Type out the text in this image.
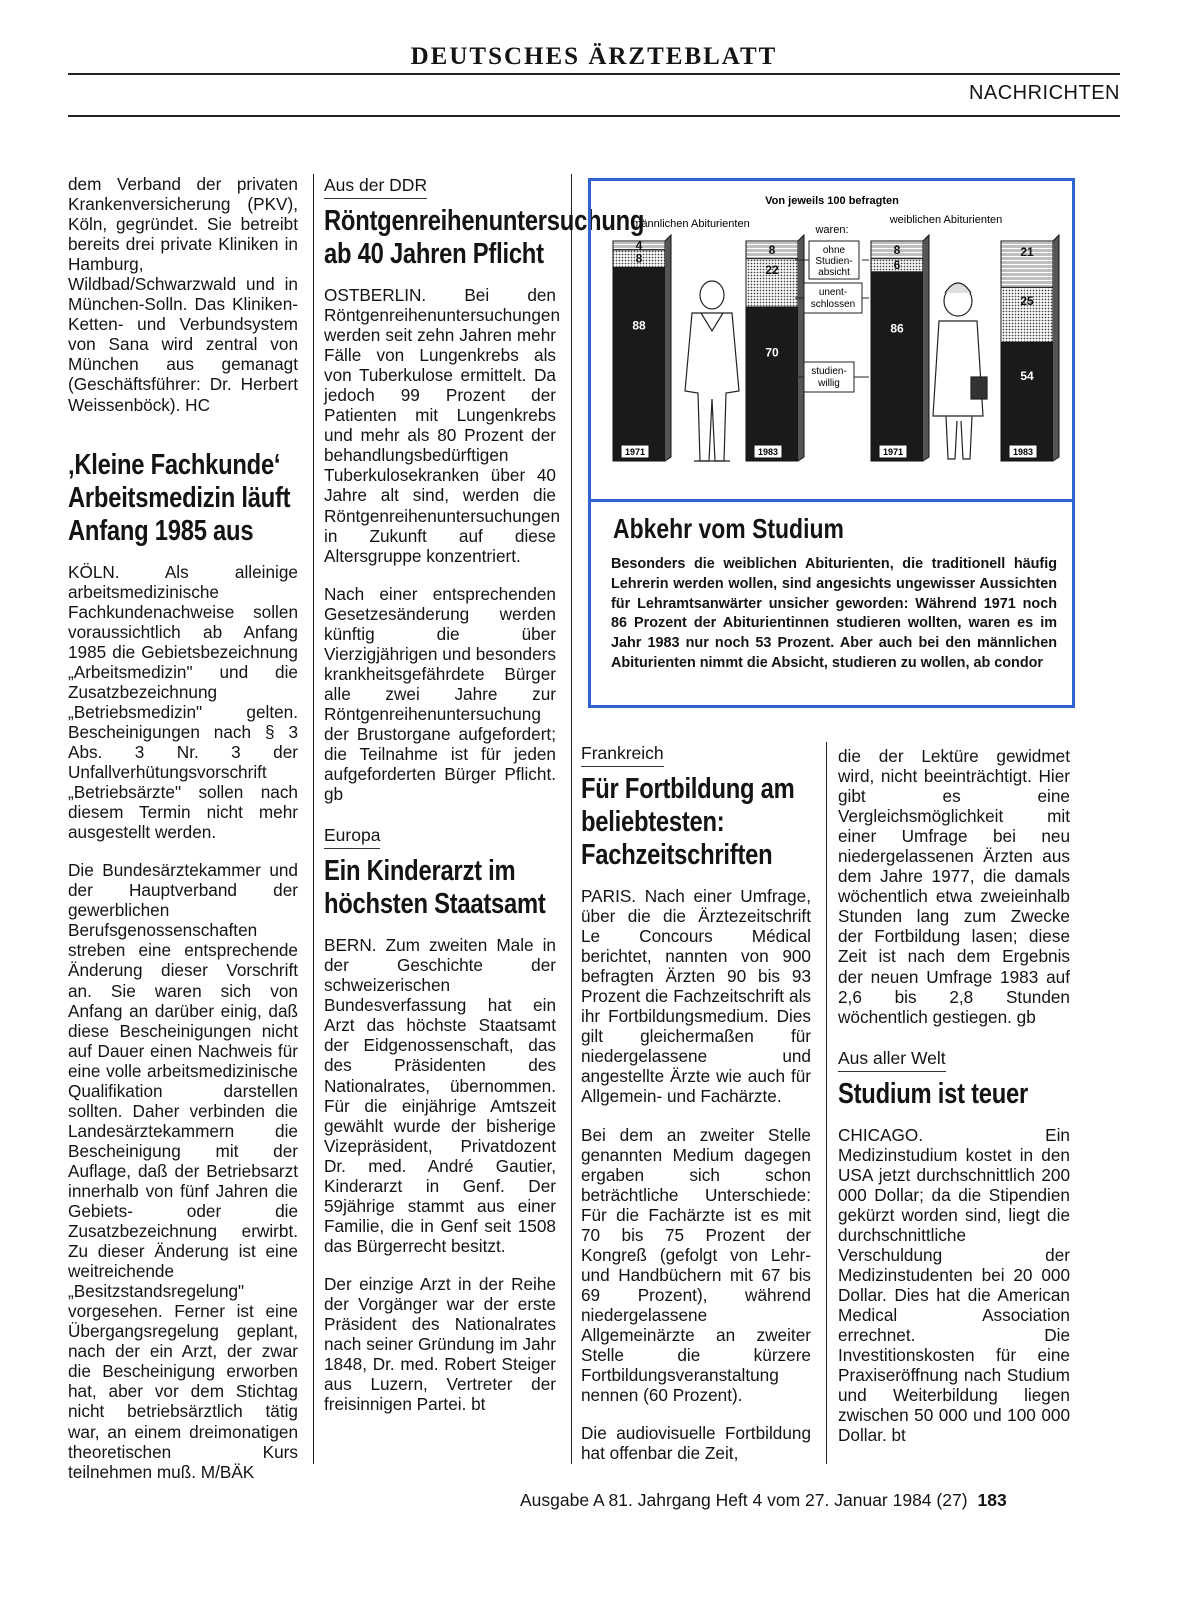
DEUTSCHES ÄRZTEBLATT
NACHRICHTEN

dem Verband der privaten Krankenversicherung (PKV), Köln, gegründet. Sie betreibt bereits drei private Kliniken in Hamburg, Wildbad/Schwarzwald und in München-Solln. Das Kliniken-Ketten- und Verbundsystem von Sana wird zentral von München aus gemanagt (Geschäftsführer: Dr. Herbert Weissenböck). HC

‚Kleine Fachkunde‘ Arbeitsmedizin läuft Anfang 1985 aus

KÖLN. Als alleinige arbeitsmedizinische Fachkundenachweise sollen voraussichtlich ab Anfang 1985 die Gebietsbezeichnung „Arbeitsmedizin" und die Zusatzbezeichnung „Betriebsmedizin" gelten. Bescheinigungen nach § 3 Abs. 3 Nr. 3 der Unfallverhütungsvorschrift „Betriebsärzte" sollen nach diesem Termin nicht mehr ausgestellt werden.

Die Bundesärztekammer und der Hauptverband der gewerblichen Berufsgenossenschaften streben eine entsprechende Änderung dieser Vorschrift an. Sie waren sich von Anfang an darüber einig, daß diese Bescheinigungen nicht auf Dauer einen Nachweis für eine volle arbeitsmedizinische Qualifikation darstellen sollten. Daher verbinden die Landesärztekammern die Bescheinigung mit der Auflage, daß der Betriebsarzt innerhalb von fünf Jahren die Gebiets- oder die Zusatzbezeichnung erwirbt. Zu dieser Änderung ist eine weitreichende „Besitzstandsregelung" vorgesehen. Ferner ist eine Übergangsregelung geplant, nach der ein Arzt, der zwar die Bescheinigung erworben hat, aber vor dem Stichtag nicht betriebsärztlich tätig war, an einem dreimonatigen theoretischen Kurs teilnehmen muß. M/BÄK

Aus der DDR
Röntgenreihenuntersuchung ab 40 Jahren Pflicht

OSTBERLIN. Bei den Röntgenreihenuntersuchungen werden seit zehn Jahren mehr Fälle von Lungenkrebs als von Tuberkulose ermittelt. Da jedoch 99 Prozent der Patienten mit Lungenkrebs und mehr als 80 Prozent der behandlungsbedürftigen Tuberkulosekranken über 40 Jahre alt sind, werden die Röntgenreihenuntersuchungen in Zukunft auf diese Altersgruppe konzentriert.

Nach einer entsprechenden Gesetzesänderung werden künftig die über Vierzigjährigen und besonders krankheitsgefährdete Bürger alle zwei Jahre zur Röntgenreihenuntersuchung der Brustorgane aufgefordert; die Teilnahme ist für jeden aufgeforderten Bürger Pflicht. gb

Europa
Ein Kinderarzt im höchsten Staatsamt

BERN. Zum zweiten Male in der Geschichte der schweizerischen Bundesverfassung hat ein Arzt das höchste Staatsamt der Eidgenossenschaft, das des Präsidenten des Nationalrates, übernommen. Für die einjährige Amtszeit gewählt wurde der bisherige Vizepräsident, Privatdozent Dr. med. André Gautier, Kinderarzt in Genf. Der 59jährige stammt aus einer Familie, die in Genf seit 1508 das Bürgerrecht besitzt.

Der einzige Arzt in der Reihe der Vorgänger war der erste Präsident des Nationalrates nach seiner Gründung im Jahr 1848, Dr. med. Robert Steiger aus Luzern, Vertreter der freisinnigen Partei. bt

Von jeweils 100 befragten
männlichen Abiturienten	weiblichen Abiturienten
waren:
88
8
4
1971
70
22
8
1983
86
6
8
1971
54
25
21
1983
ohne
Studien-
absicht
unent-
schlossen
studien-
willig
Abkehr vom Studium
Besonders die weiblichen Abiturienten, die traditionell häufig Lehrerin werden wollen, sind angesichts ungewisser Aussichten für Lehramtsanwärter unsicher geworden: Während 1971 noch 86 Prozent der Abiturientinnen studieren wollten, waren es im Jahr 1983 nur noch 53 Prozent. Aber auch bei den männlichen Abiturienten nimmt die Absicht, studieren zu wollen, ab condor
Frankreich
Für Fortbildung am beliebtesten: Fachzeitschriften

PARIS. Nach einer Umfrage, über die die Ärztezeitschrift Le Concours Médical berichtet, nannten von 900 befragten Ärzten 90 bis 93 Prozent die Fachzeitschrift als ihr Fortbildungsmedium. Dies gilt gleichermaßen für niedergelassene und angestellte Ärzte wie auch für Allgemein- und Fachärzte.

Bei dem an zweiter Stelle genannten Medium dagegen ergaben sich schon beträchtliche Unterschiede: Für die Fachärzte ist es mit 70 bis 75 Prozent der Kongreß (gefolgt von Lehr- und Handbüchern mit 67 bis 69 Prozent), während niedergelassene Allgemeinärzte an zweiter Stelle die kürzere Fortbildungsveranstaltung nennen (60 Prozent).

Die audiovisuelle Fortbildung hat offenbar die Zeit,

die der Lektüre gewidmet wird, nicht beeinträchtigt. Hier gibt es eine Vergleichsmöglichkeit mit einer Umfrage bei neu niedergelassenen Ärzten aus dem Jahre 1977, die damals wöchentlich etwa zweieinhalb Stunden lang zum Zwecke der Fortbildung lasen; diese Zeit ist nach dem Ergebnis der neuen Umfrage 1983 auf 2,6 bis 2,8 Stunden wöchentlich gestiegen. gb

Aus aller Welt
Studium ist teuer

CHICAGO. Ein Medizinstudium kostet in den USA jetzt durchschnittlich 200 000 Dollar; da die Stipendien gekürzt worden sind, liegt die durchschnittliche Verschuldung der Medizinstudenten bei 20 000 Dollar. Dies hat die American Medical Association errechnet. Die Investitionskosten für eine Praxiseröffnung nach Studium und Weiterbildung liegen zwischen 50 000 und 100 000 Dollar. bt

Ausgabe A 81. Jahrgang Heft 4 vom 27. Januar 1984 (27) 183
